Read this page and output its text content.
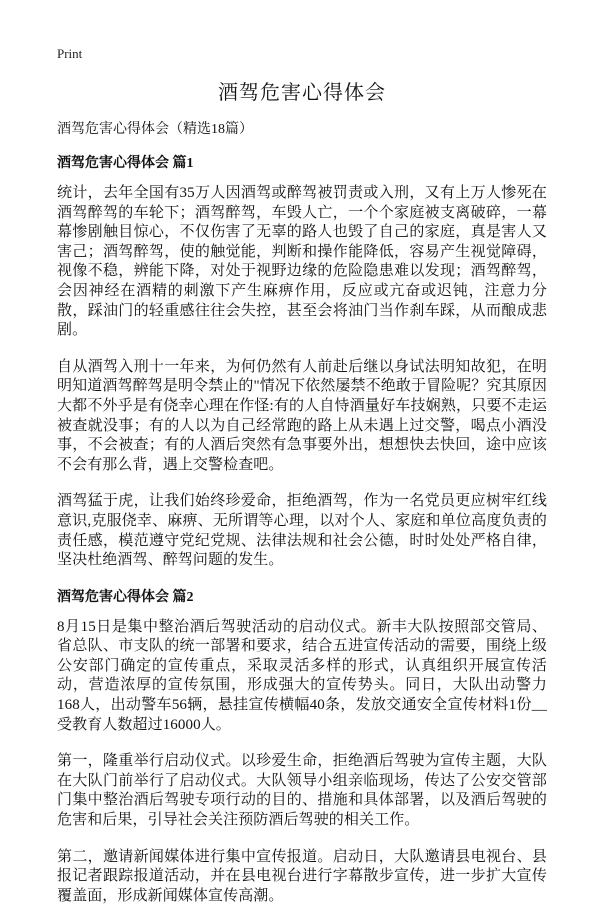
Print
酒驾危害心得体会
酒驾危害心得体会（精选18篇）
酒驾危害心得体会 篇1

统计，去年全国有35万人因酒驾或醉驾被罚责或入刑，又有上万人惨死在酒驾醉驾的车轮下；酒驾醉驾，车毁人亡，一个个家庭被支离破碎，一幕幕惨剧触目惊心，不仅伤害了无辜的路人也毁了自己的家庭，真是害人又害己；酒驾醉驾，使的触觉能，判断和操作能降低，容易产生视觉障碍，视像不稳，辨能下降，对处于视野边缘的危险隐患难以发现；酒驾醉驾，会因神经在酒精的刺激下产生麻痹作用，反应或亢奋或迟钝，注意力分散，踩油门的轻重感往往会失控，甚至会将油门当作刹车踩，从而酿成悲剧。

自从酒驾入刑十一年来，为何仍然有人前赴后继以身试法明知故犯，在明明知道酒驾醉驾是明令禁止的"情况下依然屡禁不绝敢于冒险呢？究其原因大都不外乎是有侥幸心理在作怪:有的人自恃酒量好车技娴熟，只要不走运被查就没事；有的人以为自己经常跑的路上从未遇上过交警，喝点小酒没事，不会被查；有的人酒后突然有急事要外出，想想快去快回，途中应该不会有那么背，遇上交警检查吧。

酒驾猛于虎，让我们始终珍爱命，拒绝酒驾，作为一名党员更应树牢红线意识,克服侥幸、麻痹、无所谓等心理，以对个人、家庭和单位高度负责的责任感，模范遵守党纪党规、法律法规和社会公德，时时处处严格自律，坚决杜绝酒驾、醉驾问题的发生。

酒驾危害心得体会 篇2

8月15日是集中整治酒后驾驶活动的启动仪式。新丰大队按照部交管局、省总队、市支队的统一部署和要求，结合五进宣传活动的需要，围绕上级公安部门确定的宣传重点，采取灵活多样的形式，认真组织开展宣传活动，营造浓厚的宣传氛围，形成强大的宣传势头。同日，大队出动警力168人，出动警车56辆，悬挂宣传横幅40条，发放交通安全宣传材料1份__受教育人数超过16000人。

第一，隆重举行启动仪式。以珍爱生命，拒绝酒后驾驶为宣传主题，大队在大队门前举行了启动仪式。大队领导小组亲临现场，传达了公安交管部门集中整治酒后驾驶专项行动的目的、措施和具体部署，以及酒后驾驶的危害和后果，引导社会关注预防酒后驾驶的相关工作。

第二，邀请新闻媒体进行集中宣传报道。启动日，大队邀请县电视台、县报记者跟踪报道活动，并在县电视台进行字幕散步宣传，进一步扩大宣传覆盖面，形成新闻媒体宣传高潮。
